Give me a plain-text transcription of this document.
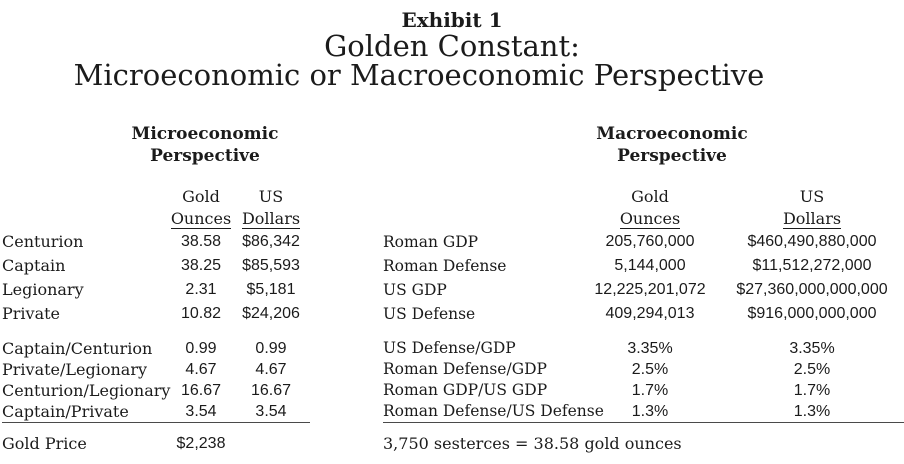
Exhibit 1
Golden Constant:
Microeconomic or Macroeconomic Perspective
Microeconomic
Perspective
Macroeconomic
Perspective
	Gold	US
	Ounces	Dollars
Centurion	38.58	$86,342
Captain	38.25	$85,593
Legionary	2.31	$5,181
Private	10.82	$24,206

Captain/Centurion	0.99	0.99
Private/Legionary	4.67	4.67
Centurion/Legionary	16.67	16.67
Captain/Private	3.54	3.54
Gold Price	$2,238	
	Gold	US
	Ounces	Dollars
Roman GDP	205,760,000	$460,490,880,000
Roman Defense	5,144,000	$11,512,272,000
US GDP	12,225,201,072	$27,360,000,000,000
US Defense	409,294,013	$916,000,000,000

US Defense/GDP	3.35%	3.35%
Roman Defense/GDP	2.5%	2.5%
Roman GDP/US GDP	1.7%	1.7%
Roman Defense/US Defense	1.3%	1.3%
3,750 sesterces = 38.58 gold ounces		
